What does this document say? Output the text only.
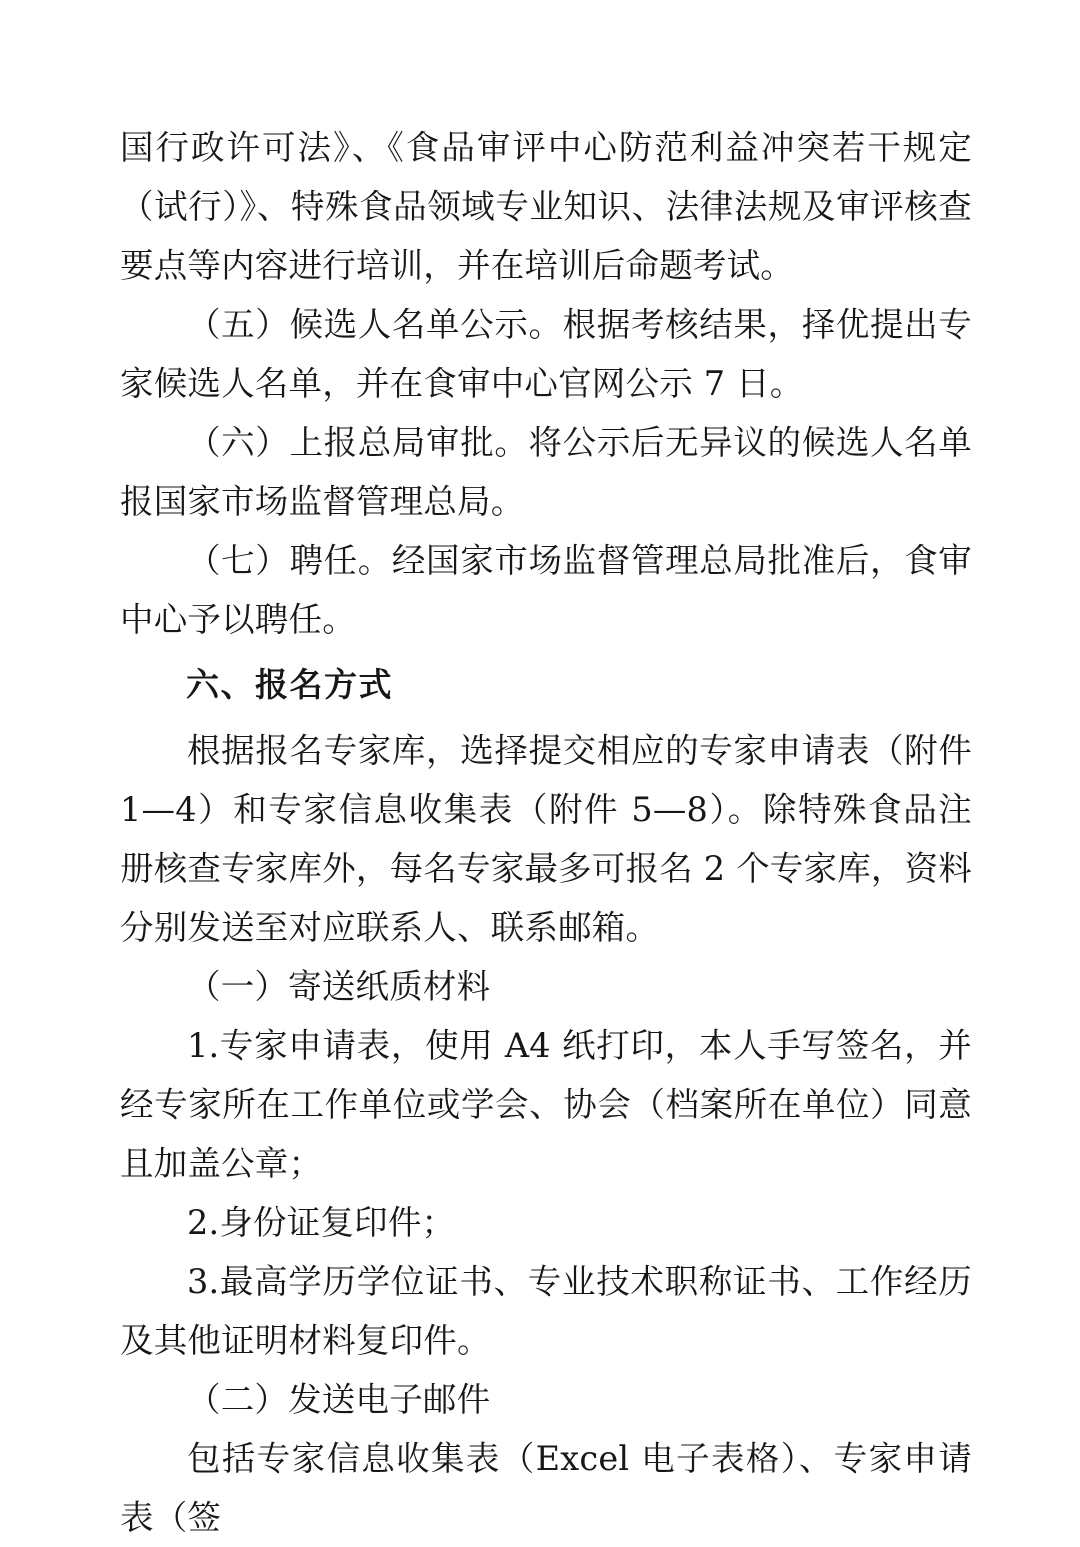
国行政许可法》、《食品审评中心防范利益冲突若干规定（试行）》、特殊食品领域专业知识、法律法规及审评核查要点等内容进行培训，并在培训后命题考试。

（五）候选人名单公示。根据考核结果，择优提出专家候选人名单，并在食审中心官网公示 7 日。

（六）上报总局审批。将公示后无异议的候选人名单报国家市场监督管理总局。

（七）聘任。经国家市场监督管理总局批准后，食审中心予以聘任。

六、报名方式

根据报名专家库，选择提交相应的专家申请表（附件 1—4）和专家信息收集表（附件 5—8）。除特殊食品注册核查专家库外，每名专家最多可报名 2 个专家库，资料分别发送至对应联系人、联系邮箱。

（一）寄送纸质材料

1.专家申请表，使用 A4 纸打印，本人手写签名，并经专家所在工作单位或学会、协会（档案所在单位）同意且加盖公章；

2.身份证复印件；

3.最高学历学位证书、专业技术职称证书、工作经历及其他证明材料复印件。

（二）发送电子邮件

包括专家信息收集表（Excel 电子表格）、专家申请表（签
